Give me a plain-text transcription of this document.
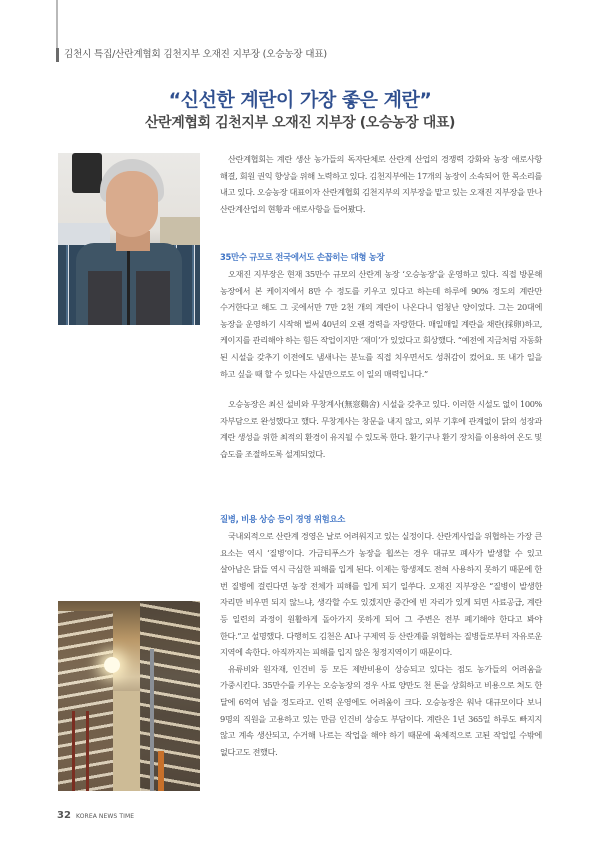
김천시 특집/산란계협회 김천지부 오재진 지부장 (오승농장 대표)
“신선한 계란이 가장 좋은 계란”
산란계협회 김천지부 오재진 지부장 (오승농장 대표)

산란계협회는 계란 생산 농가들의 독자단체로 산란계 산업의 경쟁력 강화와 농장 애로사항 해결, 회원 권익 향상을 위해 노력하고 있다. 김천지부에는 17개의 농장이 소속되어 한 목소리를 내고 있다. 오승농장 대표이자 산란계협회 김천지부의 지부장을 맡고 있는 오재진 지부장을 만나 산란계산업의 현황과 애로사항을 들어봤다.

35만수 규모로 전국에서도 손꼽히는 대형 농장

오재진 지부장은 현재 35만수 규모의 산란계 농장 ‘오승농장’을 운영하고 있다. 직접 방문해 농장에서 본 케이지에서 8만 수 정도를 키우고 있다고 하는데 하루에 90% 정도의 계란만 수거한다고 해도 그 곳에서만 7만 2천 개의 계란이 나온다니 엄청난 양이었다. 그는 20대에 농장을 운영하기 시작해 벌써 40년의 오랜 경력을 자랑한다. 매일매일 계란을 채란(採卵)하고, 케이지를 관리해야 하는 힘든 작업이지만 ‘재미’가 있었다고 회상했다. “예전에 지금처럼 자동화 된 시설을 갖추기 이전에도 냄새나는 분뇨를 직접 치우면서도 성취감이 컸어요. 또 내가 일을 하고 싶을 때 할 수 있다는 사실만으로도 이 일의 매력입니다.”

오승농장은 최신 설비와 무창계사(無窓鷄舍) 시설을 갖추고 있다. 이러한 시설도 없이 100% 자부담으로 완성했다고 했다. 무창계사는 창문을 내지 않고, 외부 기후에 관계없이 닭의 성장과 계란 생성을 위한 최적의 환경이 유지될 수 있도록 한다. 환기구나 환기 장치를 이용하여 온도 및 습도를 조절하도록 설계되었다.

질병, 비용 상승 등이 경영 위험요소

국내외적으로 산란계 경영은 날로 어려워지고 있는 실정이다. 산란계사업을 위협하는 가장 큰 요소는 역시 ‘질병’이다. 가금티푸스가 농장을 휩쓰는 경우 대규모 폐사가 발생할 수 있고 살아남은 닭들 역시 극심한 피해를 입게 된다. 이제는 항생제도 전혀 사용하지 못하기 때문에 한 번 질병에 걸린다면 농장 전체가 피해를 입게 되기 일쑤다. 오재진 지부장은 “질병이 발생한 자리만 비우면 되지 않느냐, 생각할 수도 있겠지만 중간에 빈 자리가 있게 되면 사료공급, 계란 등 일련의 과정이 원활하게 돌아가지 못하게 되어 그 주변은 전부 폐기해야 한다고 봐야 한다.”고 설명했다. 다행히도 김천은 AI나 구제역 등 산란계를 위협하는 질병들로부터 자유로운 지역에 속한다. 아직까지는 피해를 입지 않은 청정지역이기 때문이다.

유류비와 원자재, 인건비 등 모든 제반비용이 상승되고 있다는 점도 농가들의 어려움을 가중시킨다. 35만수를 키우는 오승농장의 경우 사료 양만도 천 톤을 상회하고 비용으로 쳐도 한 달에 6억여 넘을 정도라고. 인력 운영에도 어려움이 크다. 오승농장은 워낙 대규모이다 보니 9명의 직원을 고용하고 있는 만큼 인건비 상승도 부담이다. 계란은 1년 365일 하루도 빠지지 않고 계속 생산되고, 수거해 나르는 작업을 해야 하기 때문에 육체적으로 고된 작업일 수밖에 없다고도 전했다.

32 KOREA NEWS TIME
